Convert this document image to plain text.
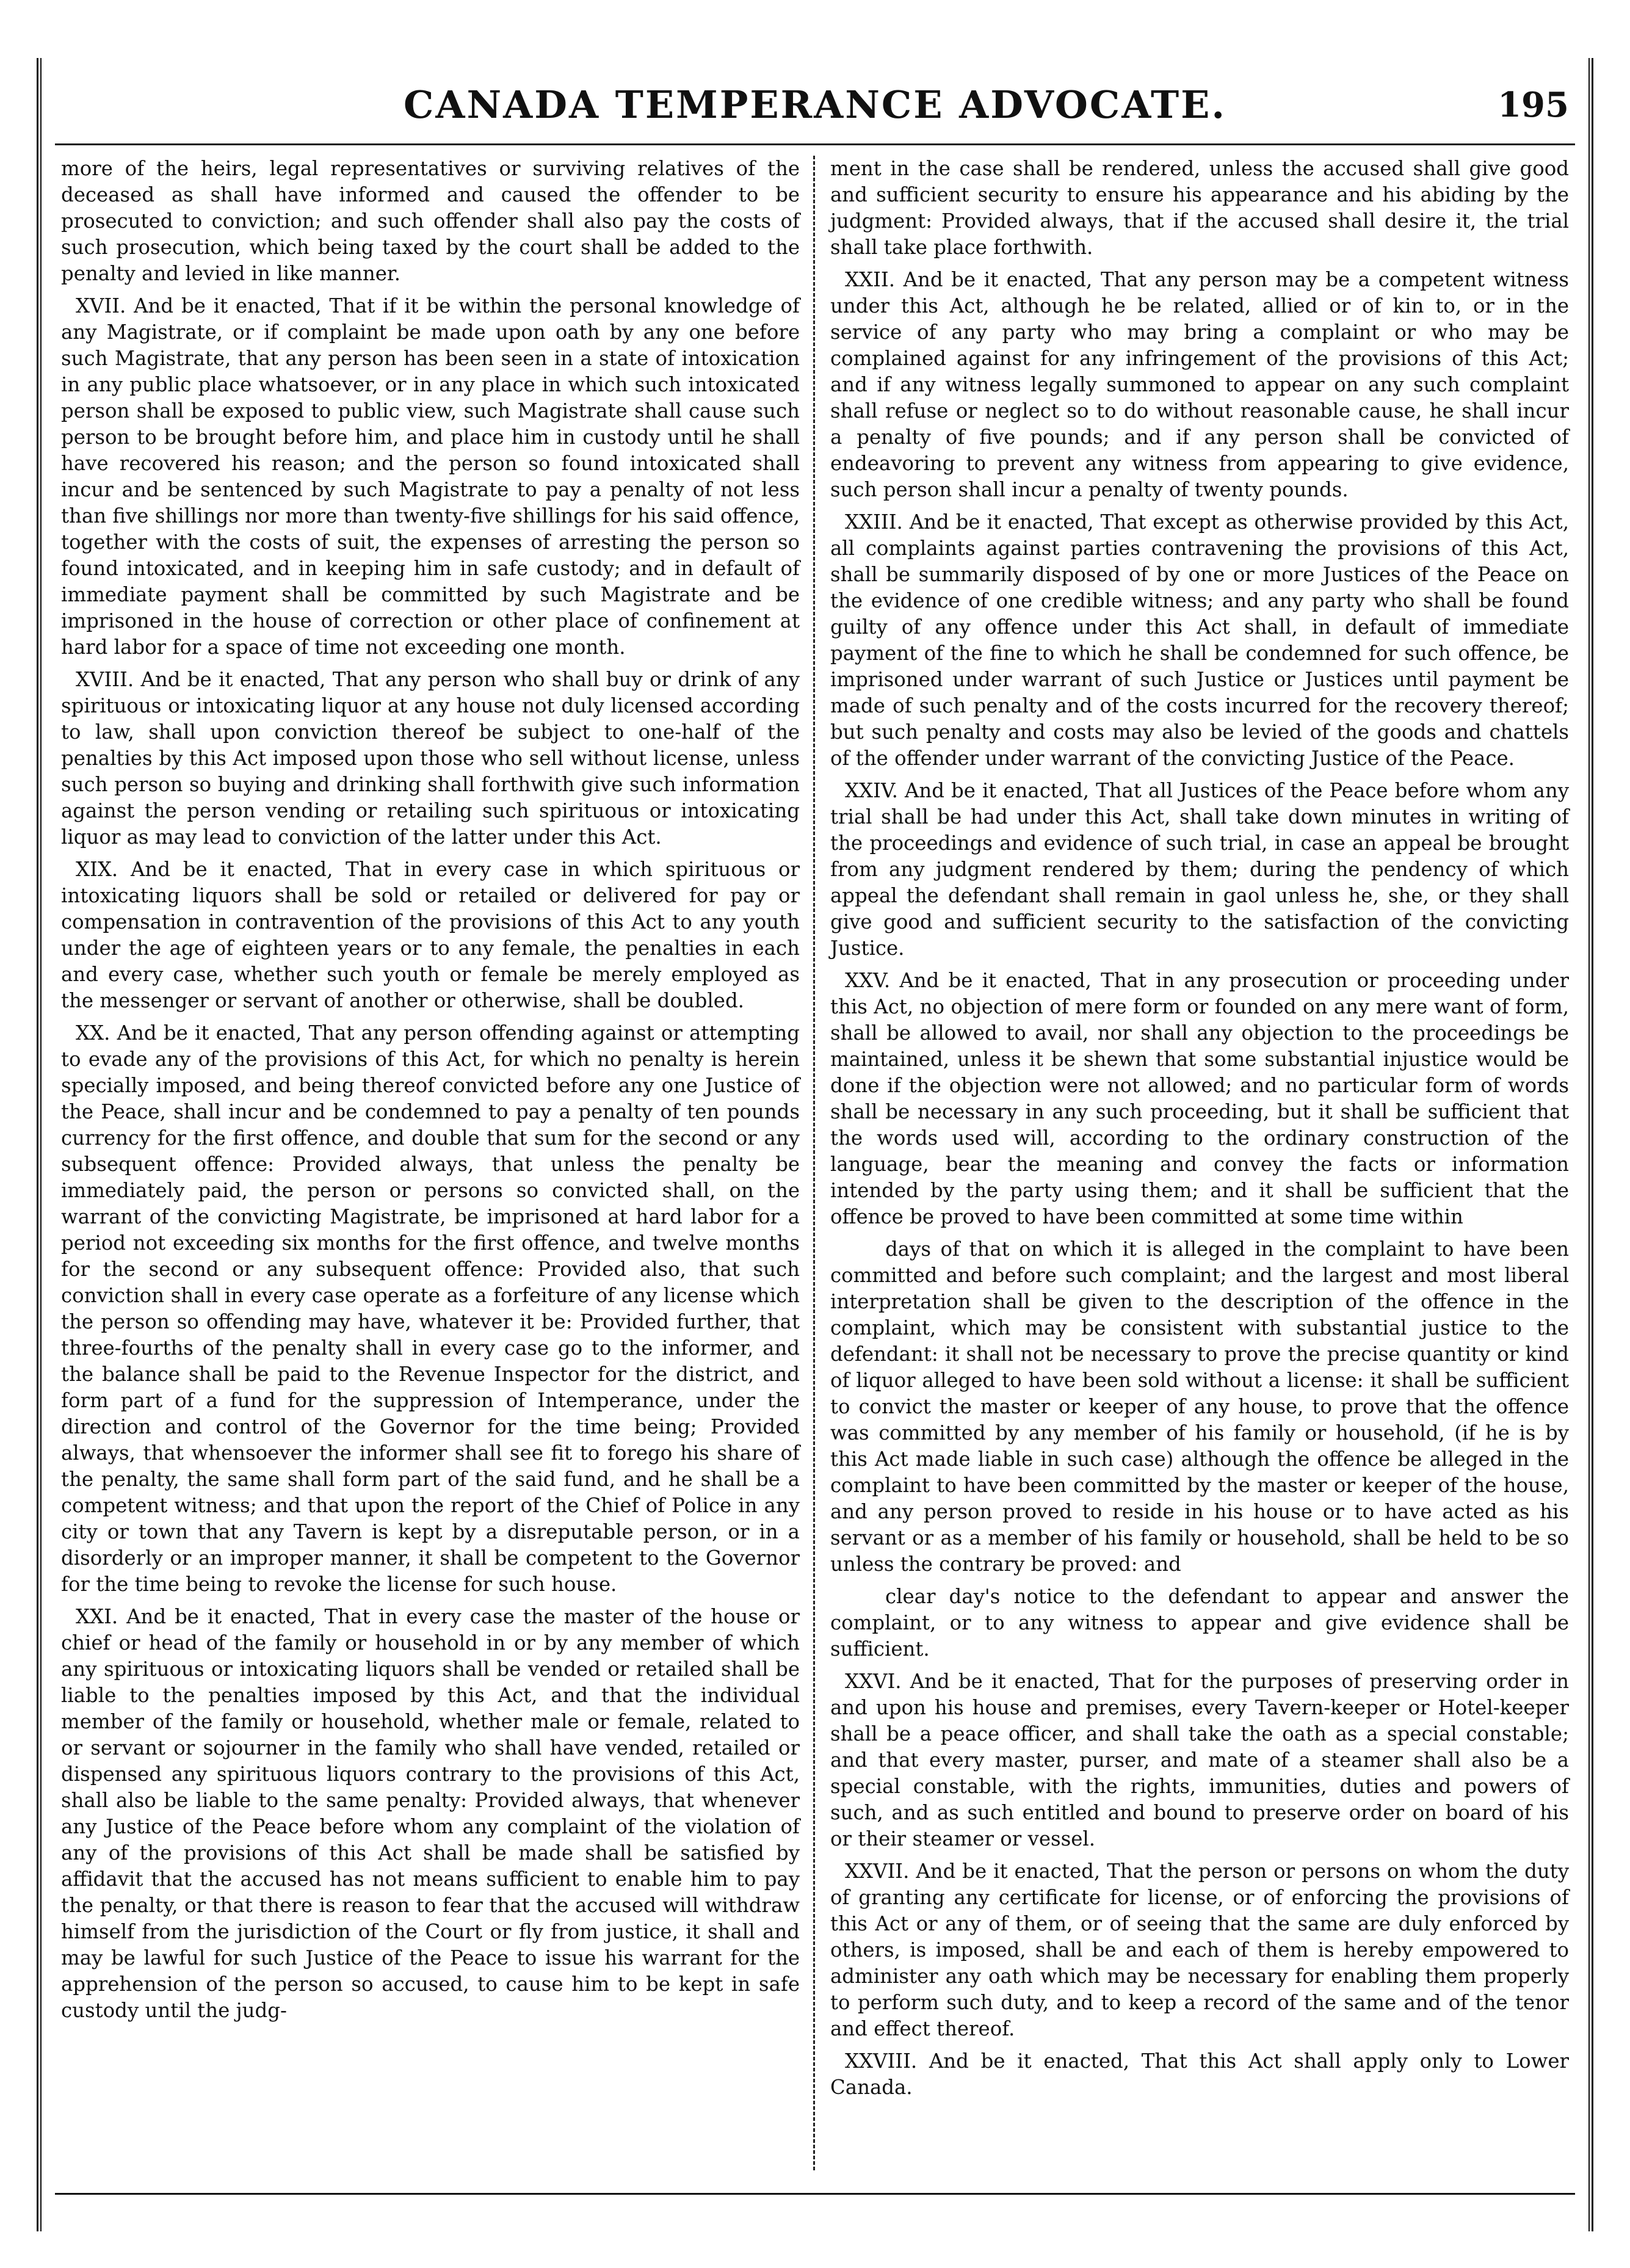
CANADA TEMPERANCE ADVOCATE.	195

more of the heirs, legal representatives or surviving relatives of the deceased as shall have informed and caused the offender to be prosecuted to conviction; and such offender shall also pay the costs of such prosecution, which being taxed by the court shall be added to the penalty and levied in like manner.

XVII. And be it enacted, That if it be within the personal knowledge of any Magistrate, or if complaint be made upon oath by any one before such Magistrate, that any person has been seen in a state of intoxication in any public place whatsoever, or in any place in which such intoxicated person shall be exposed to public view, such Magistrate shall cause such person to be brought before him, and place him in custody until he shall have recovered his reason; and the person so found intoxicated shall incur and be sentenced by such Magistrate to pay a penalty of not less than five shillings nor more than twenty-five shillings for his said offence, together with the costs of suit, the expenses of arresting the person so found intoxicated, and in keeping him in safe custody; and in default of immediate payment shall be committed by such Magistrate and be imprisoned in the house of correction or other place of confinement at hard labor for a space of time not exceeding one month.

XVIII. And be it enacted, That any person who shall buy or drink of any spirituous or intoxicating liquor at any house not duly licensed according to law, shall upon conviction thereof be subject to one-half of the penalties by this Act imposed upon those who sell without license, unless such person so buying and drinking shall forthwith give such information against the person vending or retailing such spirituous or intoxicating liquor as may lead to conviction of the latter under this Act.

XIX. And be it enacted, That in every case in which spirituous or intoxicating liquors shall be sold or retailed or delivered for pay or compensation in contravention of the provisions of this Act to any youth under the age of eighteen years or to any female, the penalties in each and every case, whether such youth or female be merely employed as the messenger or servant of another or otherwise, shall be doubled.

XX. And be it enacted, That any person offending against or attempting to evade any of the provisions of this Act, for which no penalty is herein specially imposed, and being thereof convicted before any one Justice of the Peace, shall incur and be condemned to pay a penalty of ten pounds currency for the first offence, and double that sum for the second or any subsequent offence: Provided always, that unless the penalty be immediately paid, the person or persons so convicted shall, on the warrant of the convicting Magistrate, be imprisoned at hard labor for a period not exceeding six months for the first offence, and twelve months for the second or any subsequent offence: Provided also, that such conviction shall in every case operate as a forfeiture of any license which the person so offending may have, whatever it be: Provided further, that three-fourths of the penalty shall in every case go to the informer, and the balance shall be paid to the Revenue Inspector for the district, and form part of a fund for the suppression of Intemperance, under the direction and control of the Governor for the time being; Provided always, that whensoever the informer shall see fit to forego his share of the penalty, the same shall form part of the said fund, and he shall be a competent witness; and that upon the report of the Chief of Police in any city or town that any Tavern is kept by a disreputable person, or in a disorderly or an improper manner, it shall be competent to the Governor for the time being to revoke the license for such house.

XXI. And be it enacted, That in every case the master of the house or chief or head of the family or household in or by any member of which any spirituous or intoxicating liquors shall be vended or retailed shall be liable to the penalties imposed by this Act, and that the individual member of the family or household, whether male or female, related to or servant or sojourner in the family who shall have vended, retailed or dispensed any spirituous liquors contrary to the provisions of this Act, shall also be liable to the same penalty: Provided always, that whenever any Justice of the Peace before whom any complaint of the violation of any of the provisions of this Act shall be made shall be satisfied by affidavit that the accused has not means sufficient to enable him to pay the penalty, or that there is reason to fear that the accused will withdraw himself from the jurisdiction of the Court or fly from justice, it shall and may be lawful for such Justice of the Peace to issue his warrant for the apprehension of the person so accused, to cause him to be kept in safe custody until the judg-

ment in the case shall be rendered, unless the accused shall give good and sufficient security to ensure his appearance and his abiding by the judgment: Provided always, that if the accused shall desire it, the trial shall take place forthwith.

XXII. And be it enacted, That any person may be a competent witness under this Act, although he be related, allied or of kin to, or in the service of any party who may bring a complaint or who may be complained against for any infringement of the provisions of this Act; and if any witness legally summoned to appear on any such complaint shall refuse or neglect so to do without reasonable cause, he shall incur a penalty of five pounds; and if any person shall be convicted of endeavoring to prevent any witness from appearing to give evidence, such person shall incur a penalty of twenty pounds.

XXIII. And be it enacted, That except as otherwise provided by this Act, all complaints against parties contravening the provisions of this Act, shall be summarily disposed of by one or more Justices of the Peace on the evidence of one credible witness; and any party who shall be found guilty of any offence under this Act shall, in default of immediate payment of the fine to which he shall be condemned for such offence, be imprisoned under warrant of such Justice or Justices until payment be made of such penalty and of the costs incurred for the recovery thereof; but such penalty and costs may also be levied of the goods and chattels of the offender under warrant of the convicting Justice of the Peace.

XXIV. And be it enacted, That all Justices of the Peace before whom any trial shall be had under this Act, shall take down minutes in writing of the proceedings and evidence of such trial, in case an appeal be brought from any judgment rendered by them; during the pendency of which appeal the defendant shall remain in gaol unless he, she, or they shall give good and sufficient security to the satisfaction of the convicting Justice.

XXV. And be it enacted, That in any prosecution or proceeding under this Act, no objection of mere form or founded on any mere want of form, shall be allowed to avail, nor shall any objection to the proceedings be maintained, unless it be shewn that some substantial injustice would be done if the objection were not allowed; and no particular form of words shall be necessary in any such proceeding, but it shall be sufficient that the words used will, according to the ordinary construction of the language, bear the meaning and convey the facts or information intended by the party using them; and it shall be sufficient that the offence be proved to have been committed at some time within

days of that on which it is alleged in the complaint to have been committed and before such complaint; and the largest and most liberal interpretation shall be given to the description of the offence in the complaint, which may be consistent with substantial justice to the defendant: it shall not be necessary to prove the precise quantity or kind of liquor alleged to have been sold without a license: it shall be sufficient to convict the master or keeper of any house, to prove that the offence was committed by any member of his family or household, (if he is by this Act made liable in such case) although the offence be alleged in the complaint to have been committed by the master or keeper of the house, and any person proved to reside in his house or to have acted as his servant or as a member of his family or household, shall be held to be so unless the contrary be proved: and

clear day's notice to the defendant to appear and answer the complaint, or to any witness to appear and give evidence shall be sufficient.

XXVI. And be it enacted, That for the purposes of preserving order in and upon his house and premises, every Tavern-keeper or Hotel-keeper shall be a peace officer, and shall take the oath as a special constable; and that every master, purser, and mate of a steamer shall also be a special constable, with the rights, immunities, duties and powers of such, and as such entitled and bound to preserve order on board of his or their steamer or vessel.

XXVII. And be it enacted, That the person or persons on whom the duty of granting any certificate for license, or of enforcing the provisions of this Act or any of them, or of seeing that the same are duly enforced by others, is imposed, shall be and each of them is hereby empowered to administer any oath which may be necessary for enabling them properly to perform such duty, and to keep a record of the same and of the tenor and effect thereof.

XXVIII. And be it enacted, That this Act shall apply only to Lower Canada.
